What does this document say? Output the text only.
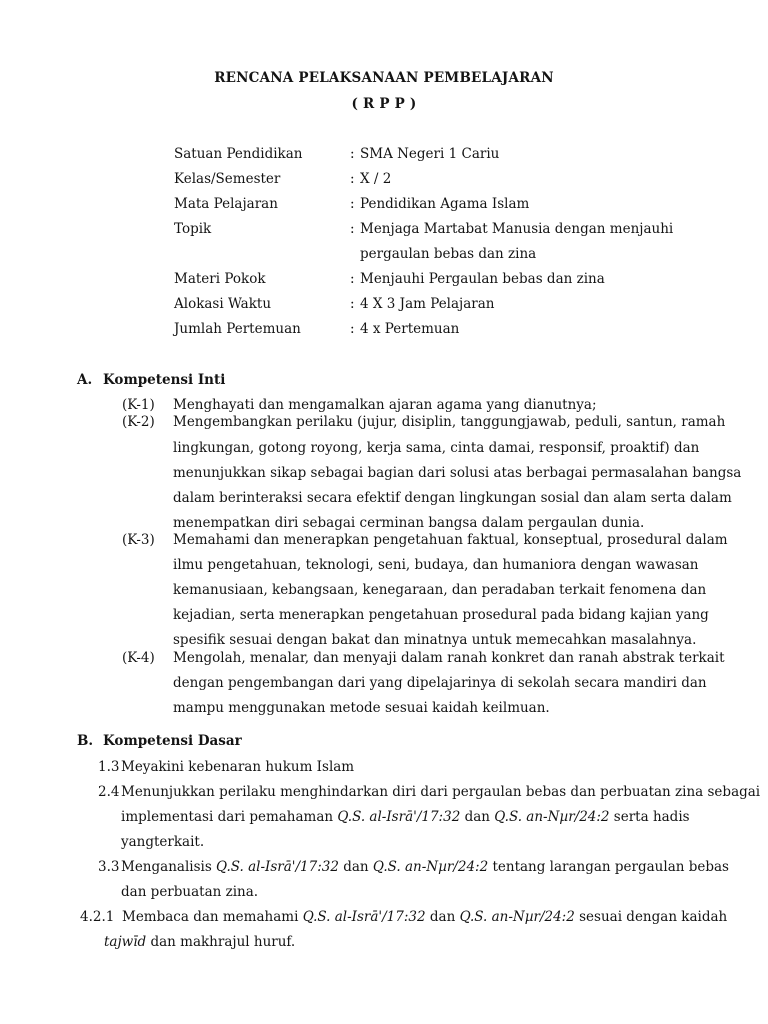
RENCANA PELAKSANAAN PEMBELAJARAN
( R P P )
Satuan Pendidikan	: SMA Negeri 1 Cariu
Kelas/Semester	: X / 2
Mata Pelajaran	: Pendidikan Agama Islam
Topik	: Menjaga Martabat Manusia dengan menjauhi
pergaulan bebas dan zina
Materi Pokok	: Menjauhi Pergaulan bebas dan zina
Alokasi Waktu	: 4 X 3 Jam Pelajaran
Jumlah Pertemuan	: 4 x Pertemuan
A. Kompetensi Inti
(K-1) Menghayati dan mengamalkan ajaran agama yang dianutnya;
(K-2) Mengembangkan perilaku (jujur, disiplin, tanggungjawab, peduli, santun, ramah
lingkungan, gotong royong, kerja sama, cinta damai, responsif, proaktif) dan
menunjukkan sikap sebagai bagian dari solusi atas berbagai permasalahan bangsa
dalam berinteraksi secara efektif dengan lingkungan sosial dan alam serta dalam
menempatkan diri sebagai cerminan bangsa dalam pergaulan dunia.
(K-3) Memahami dan menerapkan pengetahuan faktual, konseptual, prosedural dalam
ilmu pengetahuan, teknologi, seni, budaya, dan humaniora dengan wawasan
kemanusiaan, kebangsaan, kenegaraan, dan peradaban terkait fenomena dan
kejadian, serta menerapkan pengetahuan prosedural pada bidang kajian yang
spesifik sesuai dengan bakat dan minatnya untuk memecahkan masalahnya.
(K-4) Mengolah, menalar, dan menyaji dalam ranah konkret dan ranah abstrak terkait
dengan pengembangan dari yang dipelajarinya di sekolah secara mandiri dan
mampu menggunakan metode sesuai kaidah keilmuan.
B. Kompetensi Dasar
1.3 Meyakini kebenaran hukum Islam
2.4 Menunjukkan perilaku menghindarkan diri dari pergaulan bebas dan perbuatan zina sebagai
implementasi dari pemahaman Q.S. al-Isrā'/17:32 dan Q.S. an-Nµr/24:2 serta hadis
yangterkait.
3.3 Menganalisis Q.S. al-Isrā'/17:32 dan Q.S. an-Nµr/24:2 tentang larangan pergaulan bebas
dan perbuatan zina.
4.2.1 Membaca dan memahami Q.S. al-Isrā'/17:32 dan Q.S. an-Nµr/24:2 sesuai dengan kaidah
tajwīd dan makhrajul huruf.
